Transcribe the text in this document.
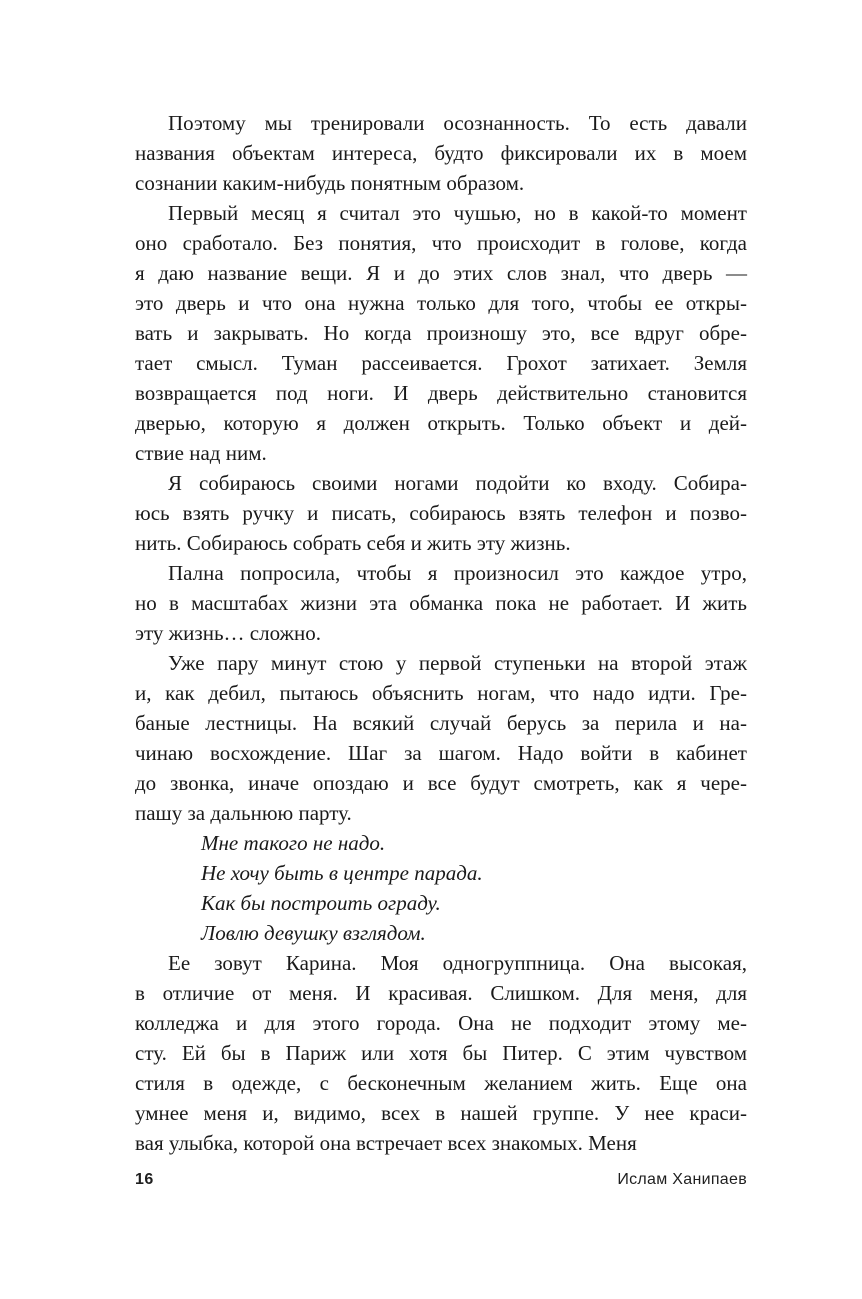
Поэтому мы тренировали осознанность. То есть давали
названия объектам интереса, будто фиксировали их в моем
сознании каким-нибудь понятным образом.
Первый месяц я считал это чушью, но в какой-то момент
оно сработало. Без понятия, что происходит в голове, когда
я даю название вещи. Я и до этих слов знал, что дверь —
это дверь и что она нужна только для того, чтобы ее откры-
вать и закрывать. Но когда произношу это, все вдруг обре-
тает смысл. Туман рассеивается. Грохот затихает. Земля
возвращается под ноги. И дверь действительно становится
дверью, которую я должен открыть. Только объект и дей-
ствие над ним.
Я собираюсь своими ногами подойти ко входу. Собира-
юсь взять ручку и писать, собираюсь взять телефон и позво-
нить. Собираюсь собрать себя и жить эту жизнь.
Пална попросила, чтобы я произносил это каждое утро,
но в масштабах жизни эта обманка пока не работает. И жить
эту жизнь… сложно.
Уже пару минут стою у первой ступеньки на второй этаж
и, как дебил, пытаюсь объяснить ногам, что надо идти. Гре-
баные лестницы. На всякий случай берусь за перила и на-
чинаю восхождение. Шаг за шагом. Надо войти в кабинет
до звонка, иначе опоздаю и все будут смотреть, как я чере-
пашу за дальнюю парту.
Мне такого не надо.
Не хочу быть в центре парада.
Как бы построить ограду.
Ловлю девушку взглядом.
Ее зовут Карина. Моя одногруппница. Она высокая,
в отличие от меня. И красивая. Слишком. Для меня, для
колледжа и для этого города. Она не подходит этому ме-
сту. Ей бы в Париж или хотя бы Питер. С этим чувством
стиля в одежде, с бесконечным желанием жить. Еще она
умнее меня и, видимо, всех в нашей группе. У нее краси-
вая улыбка, которой она встречает всех знакомых. Меня
16	Ислам Ханипаев
